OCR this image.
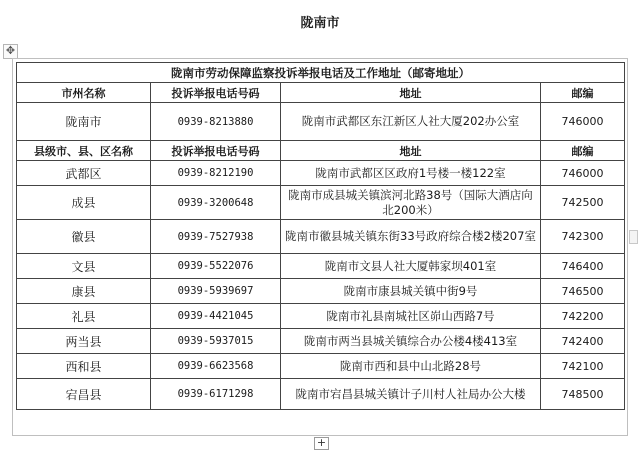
陇南市
✥
陇南市劳动保障监察投诉举报电话及工作地址（邮寄地址）			
市州名称	投诉举报电话号码	地址	邮编
陇南市	0939-8213880	陇南市武都区东江新区人社大厦202办公室	746000
县级市、县、区名称	投诉举报电话号码	地址	邮编
武都区	0939-8212190	陇南市武都区区政府1号楼一楼122室	746000
成县	0939-3200648	陇南市成县城关镇滨河北路38号（国际大酒店向北200米）	742500
徽县	0939-7527938	陇南市徽县城关镇东街33号政府综合楼2楼207室	742300
文县	0939-5522076	陇南市文县人社大厦韩家坝401室	746400
康县	0939-5939697	陇南市康县城关镇中街9号	746500
礼县	0939-4421045	陇南市礼县南城社区峁山西路7号	742200
两当县	0939-5937015	陇南市两当县城关镇综合办公楼4楼413室	742400
西和县	0939-6623568	陇南市西和县中山北路28号	742100
宕昌县	0939-6171298	陇南市宕昌县城关镇计子川村人社局办公大楼	748500
+
